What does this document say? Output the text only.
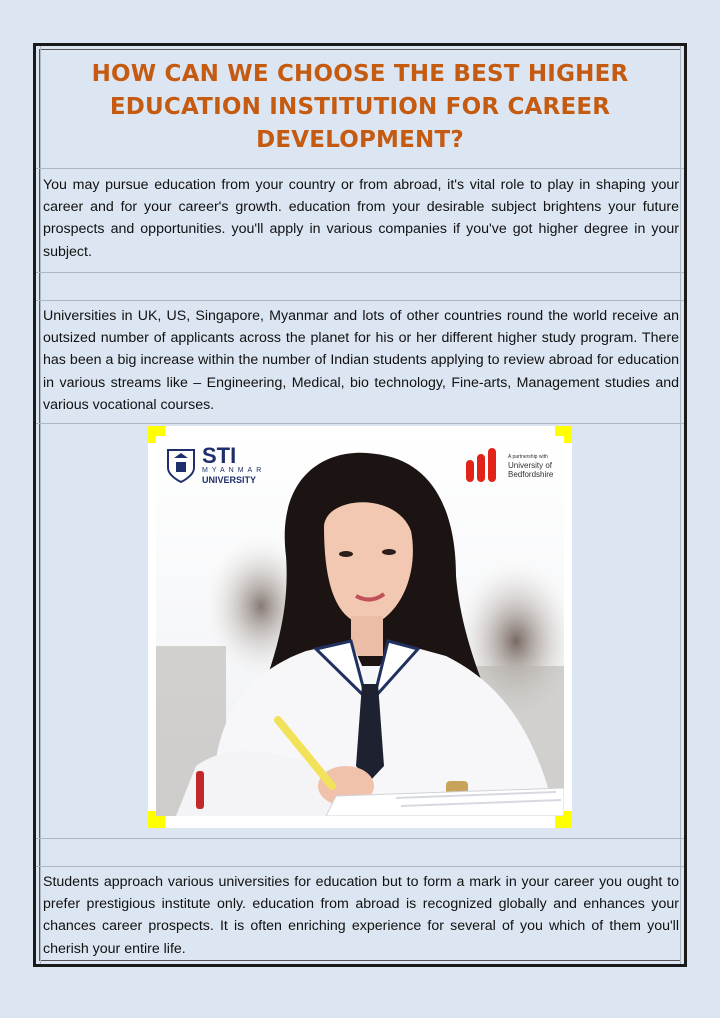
HOW CAN WE CHOOSE THE BEST HIGHER EDUCATION INSTITUTION FOR CAREER DEVELOPMENT?

You may pursue education from your country or from abroad, it's vital role to play in shaping your career and for your career's growth. education from your desirable subject brightens your future prospects and opportunities. you'll apply in various companies if you've got higher degree in your subject.

Universities in UK, US, Singapore, Myanmar and lots of other countries round the world receive an outsized number of applicants across the planet for his or her different higher study program. There has been a big increase within the number of Indian students applying to review abroad for education in various streams like – Engineering, Medical, bio technology, Fine-arts, Management studies and various vocational courses.

STI
MYANMAR
UNIVERSITY
A partnership with
University of
Bedfordshire

Students approach various universities for education but to form a mark in your career you ought to prefer prestigious institute only. education from abroad is recognized globally and enhances your chances career prospects. It is often enriching experience for several of you which of them you'll cherish your entire life.
